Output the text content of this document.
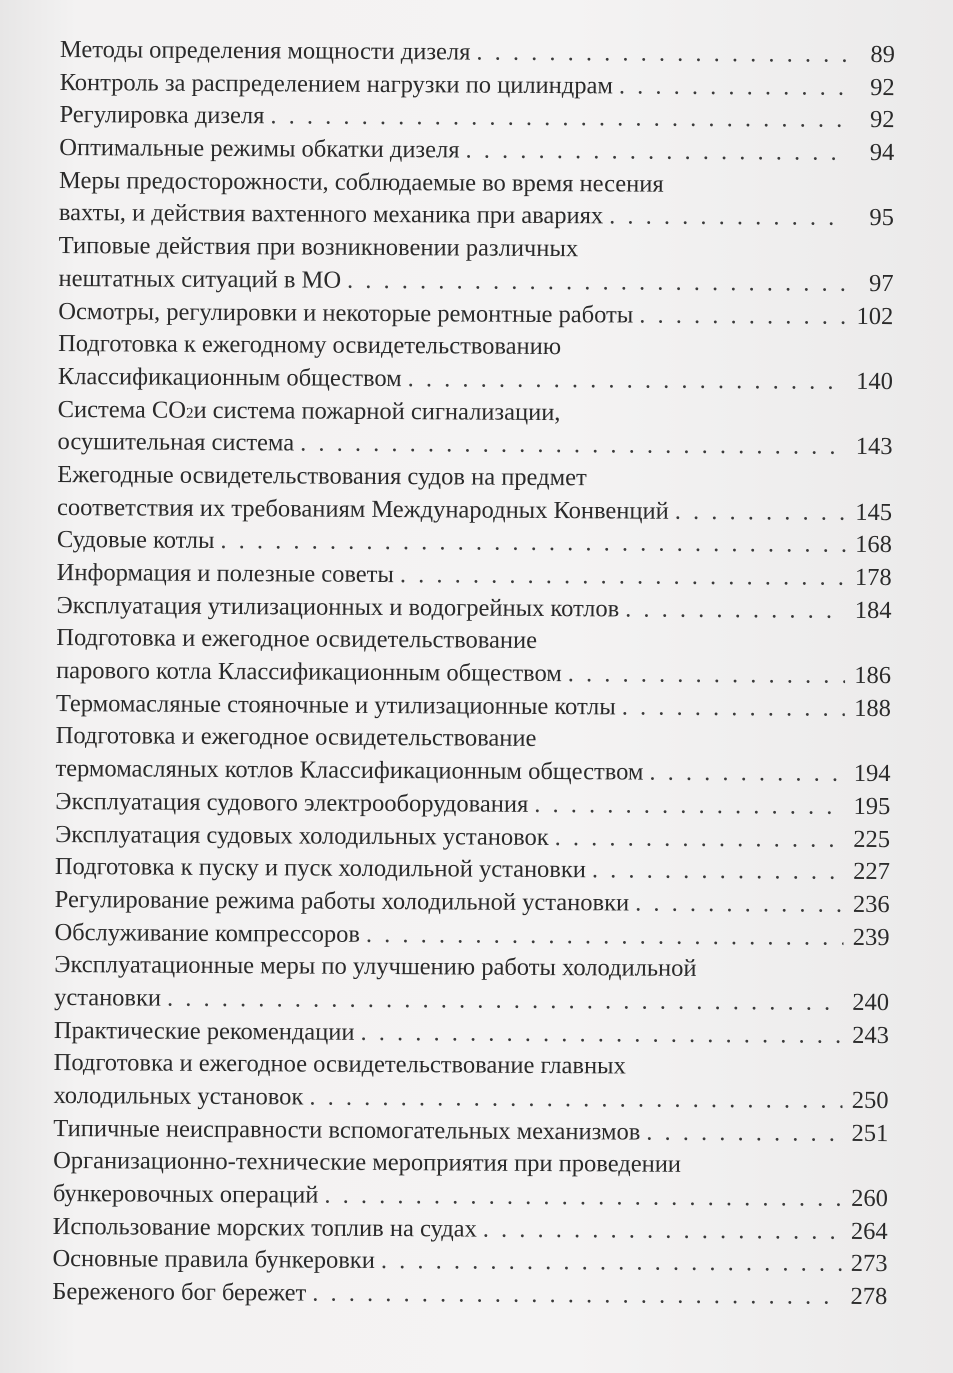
Методы определения мощности дизеля . . .	89
Контроль за распределением нагрузки по цилиндрам . . .	92
Регулировка дизеля . . .	92
Оптимальные режимы обкатки дизеля . . .	94
Меры предосторожности, соблюдаемые во время несения
вахты, и действия вахтенного механика при авариях . . .	95
Типовые действия при возникновении различных
нештатных ситуаций в МО . . .	97
Осмотры, регулировки и некоторые ремонтные работы . . .	102
Подготовка к ежегодному освидетельствованию
Классификационным обществом . . .	140
Система СО 2 и система пожарной сигнализации,
осушительная система . . .	143
Ежегодные освидетельствования судов на предмет
соответствия их требованиям Международных Конвенций . . .	145
Судовые котлы . . .	168
Информация и полезные советы . . .	178
Эксплуатация утилизационных и водогрейных котлов . . .	184
Подготовка и ежегодное освидетельствование
парового котла Классификационным обществом . . .	186
Термомасляные стояночные и утилизационные котлы . . .	188
Подготовка и ежегодное освидетельствование
термомасляных котлов Классификационным обществом . . .	194
Эксплуатация судового электрооборудования . . .	195
Эксплуатация судовых холодильных установок . . .	225
Подготовка к пуску и пуск холодильной установки . . .	227
Регулирование режима работы холодильной установки . . .	236
Обслуживание компрессоров . . .	239
Эксплуатационные меры по улучшению работы холодильной
установки . . .	240
Практические рекомендации . . .	243
Подготовка и ежегодное освидетельствование главных
холодильных установок . . .	250
Типичные неисправности вспомогательных механизмов . . .	251
Организационно-технические мероприятия при проведении
бункеровочных операций . . .	260
Использование морских топлив на судах . . .	264
Основные правила бункеровки . . .	273
Береженого бог бережет . . .	278
